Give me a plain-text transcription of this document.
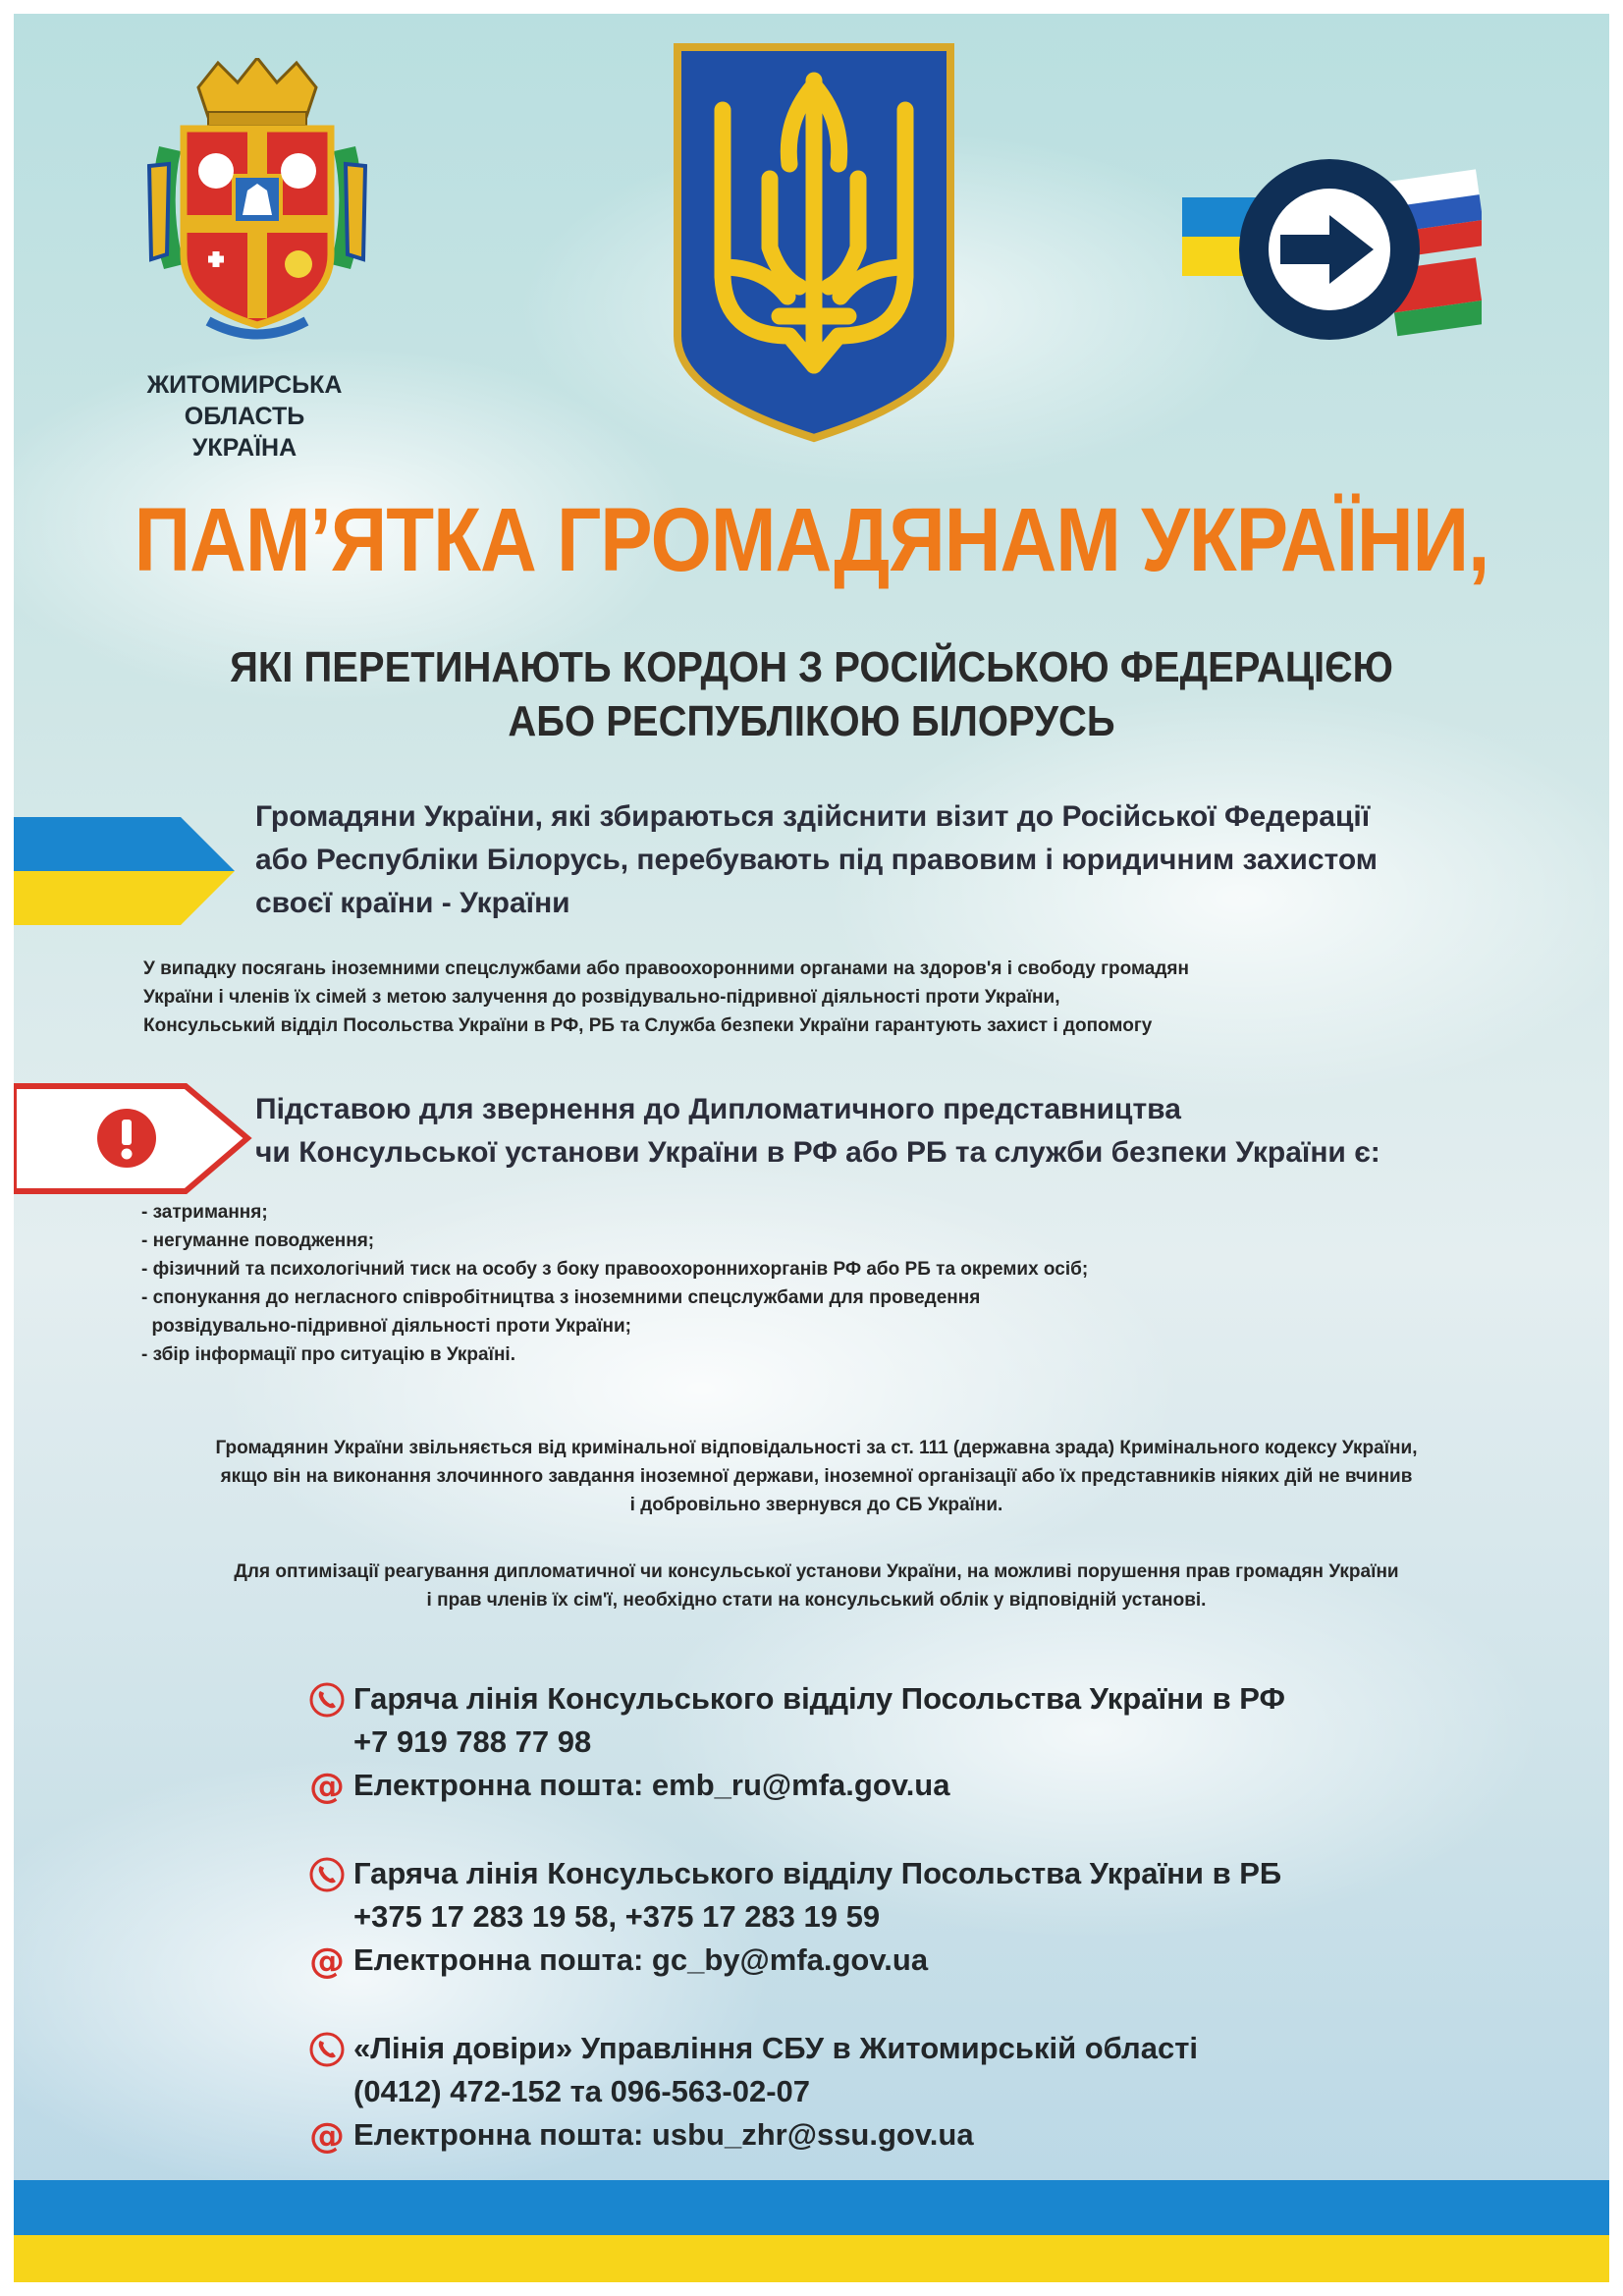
ЖИТОМИРСЬКА ОБЛАСТЬ
УКРАЇНА
ПАМ’ЯТКА ГРОМАДЯНАМ УКРАЇНИ,
ЯКІ ПЕРЕТИНАЮТЬ КОРДОН З РОСІЙСЬКОЮ ФЕДЕРАЦІЄЮ
АБО РЕСПУБЛІКОЮ БІЛОРУСЬ
Громадяни України, які збираються здійснити візит до Російської Федерації
або Республіки Білорусь, перебувають під правовим і юридичним захистом
своєї країни - України
У випадку посягань іноземними спецслужбами або правоохоронними органами на здоров'я і свободу громадян
України і членів їх сімей з метою залучення до розвідувально-підривної діяльності проти України,
Консульський відділ Посольства України в РФ, РБ та Служба безпеки України гарантують захист і допомогу
Підставою для звернення до Дипломатичного представництва
чи Консульської установи України в РФ або РБ та служби безпеки України є:
- затримання;
- негуманне поводження;
- фізичний та психологічний тиск на особу з боку правоохороннихорганів РФ або РБ та окремих осіб;
- спонукання до негласного співробітництва з іноземними спецслужбами для проведення
розвідувально-підривної діяльності проти України;
- збір інформації про ситуацію в Україні.
Громадянин України звільняється від кримінальної відповідальності за ст. 111 (державна зрада) Кримінального кодексу України,
якщо він на виконання злочинного завдання іноземної держави, іноземної організації або їх представників ніяких дій не вчинив
і добровільно звернувся до СБ України.
Для оптимізації реагування дипломатичної чи консульської установи України, на можливі порушення прав громадян України
і прав членів їх сім'ї, необхідно стати на консульський облік у відповідній установі.
Гаряча лінія Консульського відділу Посольства України в РФ
+7 919 788 77 98
@ Електронна пошта: emb_ru@mfa.gov.ua
Гаряча лінія Консульського відділу Посольства України в РБ
+375 17 283 19 58, +375 17 283 19 59
@ Електронна пошта: gc_by@mfa.gov.ua
«Лінія довіри» Управління СБУ в Житомирській області
(0412) 472-152 та 096-563-02-07
@ Електронна пошта: usbu_zhr@ssu.gov.ua
